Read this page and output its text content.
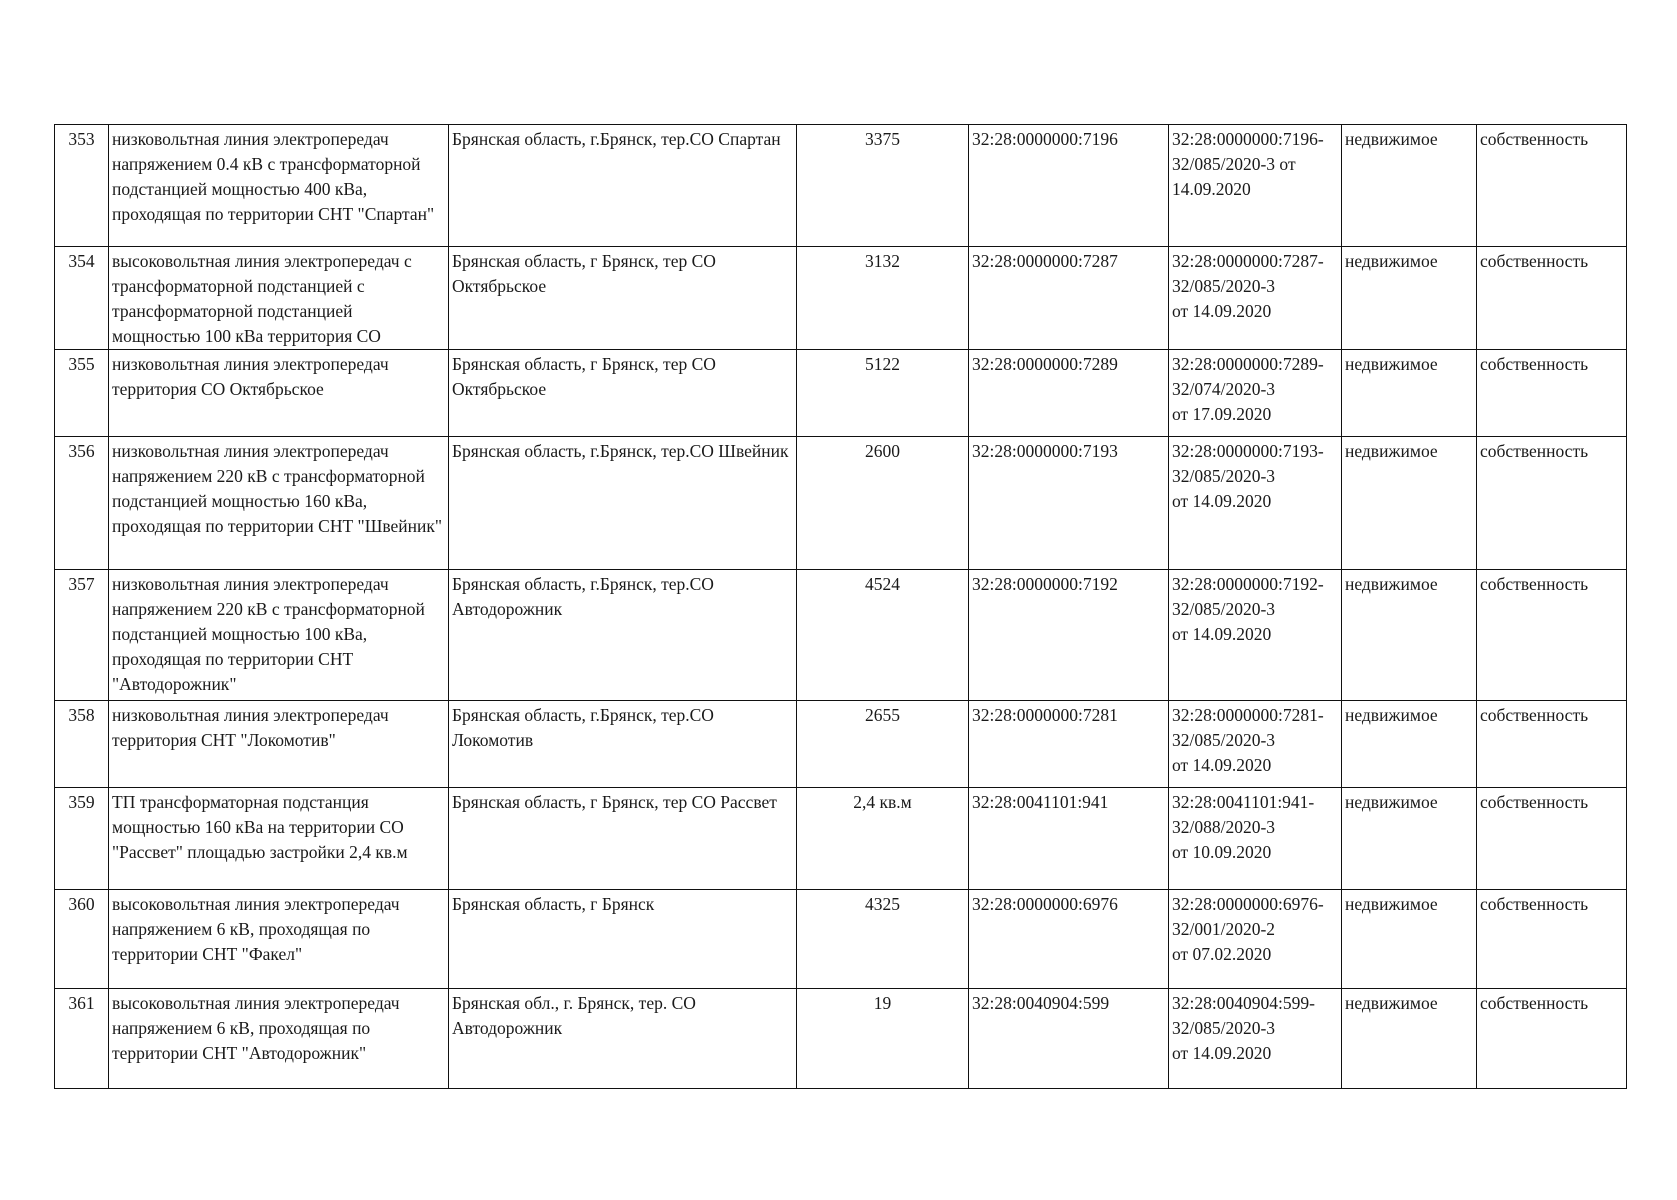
353	низковольтная линия электропередач напряжением 0.4 кВ с трансформаторной подстанцией мощностью 400 кВа, проходящая по территории СНТ "Спартан"	Брянская область, г.Брянск, тер.СО Спартан	3375	32:28:0000000:7196	32:28:0000000:7196-
32/085/2020-3 от
14.09.2020	недвижимое	собственность
354	высоковольтная линия электропередач с трансформаторной подстанцией с трансформаторной подстанцией мощностью 100 кВа территория СО	Брянская область, г Брянск, тер СО Октябрьское	3132	32:28:0000000:7287	32:28:0000000:7287-
32/085/2020-3
от 14.09.2020	недвижимое	собственность
355	низковольтная линия электропередач территория СО Октябрьское	Брянская область, г Брянск, тер СО Октябрьское	5122	32:28:0000000:7289	32:28:0000000:7289-
32/074/2020-3
от 17.09.2020	недвижимое	собственность
356	низковольтная линия электропередач напряжением 220 кВ с трансформаторной подстанцией мощностью 160 кВа, проходящая по территории СНТ "Швейник"	Брянская область, г.Брянск, тер.СО Швейник	2600	32:28:0000000:7193	32:28:0000000:7193-
32/085/2020-3
от 14.09.2020	недвижимое	собственность
357	низковольтная линия электропередач напряжением 220 кВ с трансформаторной подстанцией мощностью 100 кВа, проходящая по территории СНТ "Автодорожник"	Брянская область, г.Брянск, тер.СО Автодорожник	4524	32:28:0000000:7192	32:28:0000000:7192-
32/085/2020-3
от 14.09.2020	недвижимое	собственность
358	низковольтная линия электропередач территория СНТ "Локомотив"	Брянская область, г.Брянск, тер.СО Локомотив	2655	32:28:0000000:7281	32:28:0000000:7281-
32/085/2020-3
от 14.09.2020	недвижимое	собственность
359	ТП трансформаторная подстанция мощностью 160 кВа на территории СО "Рассвет" площадью застройки 2,4 кв.м	Брянская область, г Брянск, тер СО Рассвет	2,4 кв.м	32:28:0041101:941	32:28:0041101:941-
32/088/2020-3
от 10.09.2020	недвижимое	собственность
360	высоковольтная линия электропередач напряжением 6 кВ, проходящая по территории СНТ "Факел"	Брянская область, г Брянск	4325	32:28:0000000:6976	32:28:0000000:6976-
32/001/2020-2
от 07.02.2020	недвижимое	собственность
361	высоковольтная линия электропередач напряжением 6 кВ, проходящая по территории СНТ "Автодорожник"	Брянская обл., г. Брянск, тер. СО Автодорожник	19	32:28:0040904:599	32:28:0040904:599-
32/085/2020-3
от 14.09.2020	недвижимое	собственность
